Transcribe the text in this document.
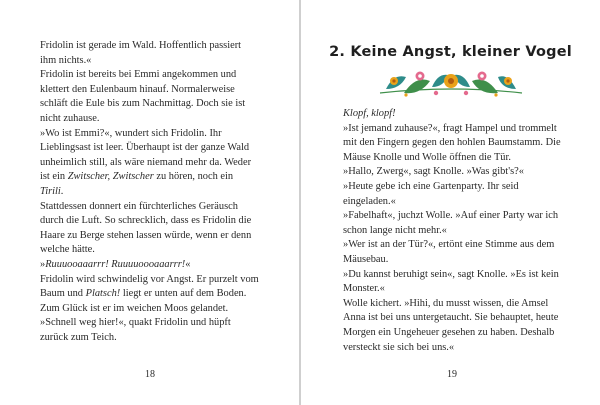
Fridolin ist gerade im Wald. Hoffentlich passiert
ihm nichts.«
Fridolin ist bereits bei Emmi angekommen und
klettert den Eulenbaum hinauf. Normalerweise
schläft die Eule bis zum Nachmittag. Doch sie ist
nicht zuhause.
»Wo ist Emmi?«, wundert sich Fridolin. Ihr
Lieblingsast ist leer. Überhaupt ist der ganze Wald
unheimlich still, als wäre niemand mehr da. Weder
ist ein Zwitscher, Zwitscher zu hören, noch ein
Tirili.
Stattdessen donnert ein fürchterliches Geräusch
durch die Luft. So schrecklich, dass es Fridolin die
Haare zu Berge stehen lassen würde, wenn er denn
welche hätte.
»Ruuuooaaarrr! Ruuuuoooaaarrr!«
Fridolin wird schwindelig vor Angst. Er purzelt vom
Baum und Platsch! liegt er unten auf dem Boden.
Zum Glück ist er im weichen Moos gelandet.
»Schnell weg hier!«, quakt Fridolin und hüpft
zurück zum Teich.
18
2. Keine Angst, kleiner Vogel
Klopf, klopf!
»Ist jemand zuhause?«, fragt Hampel und trommelt
mit den Fingern gegen den hohlen Baumstamm. Die
Mäuse Knolle und Wolle öffnen die Tür.
»Hallo, Zwerg«, sagt Knolle. »Was gibt's?«
»Heute gebe ich eine Gartenparty. Ihr seid
eingeladen.«
»Fabelhaft«, juchzt Wolle. »Auf einer Party war ich
schon lange nicht mehr.«
»Wer ist an der Tür?«, ertönt eine Stimme aus dem
Mäusebau.
»Du kannst beruhigt sein«, sagt Knolle. »Es ist kein
Monster.«
Wolle kichert. »Hihi, du musst wissen, die Amsel
Anna ist bei uns untergetaucht. Sie behauptet, heute
Morgen ein Ungeheuer gesehen zu haben. Deshalb
versteckt sie sich bei uns.«
19
